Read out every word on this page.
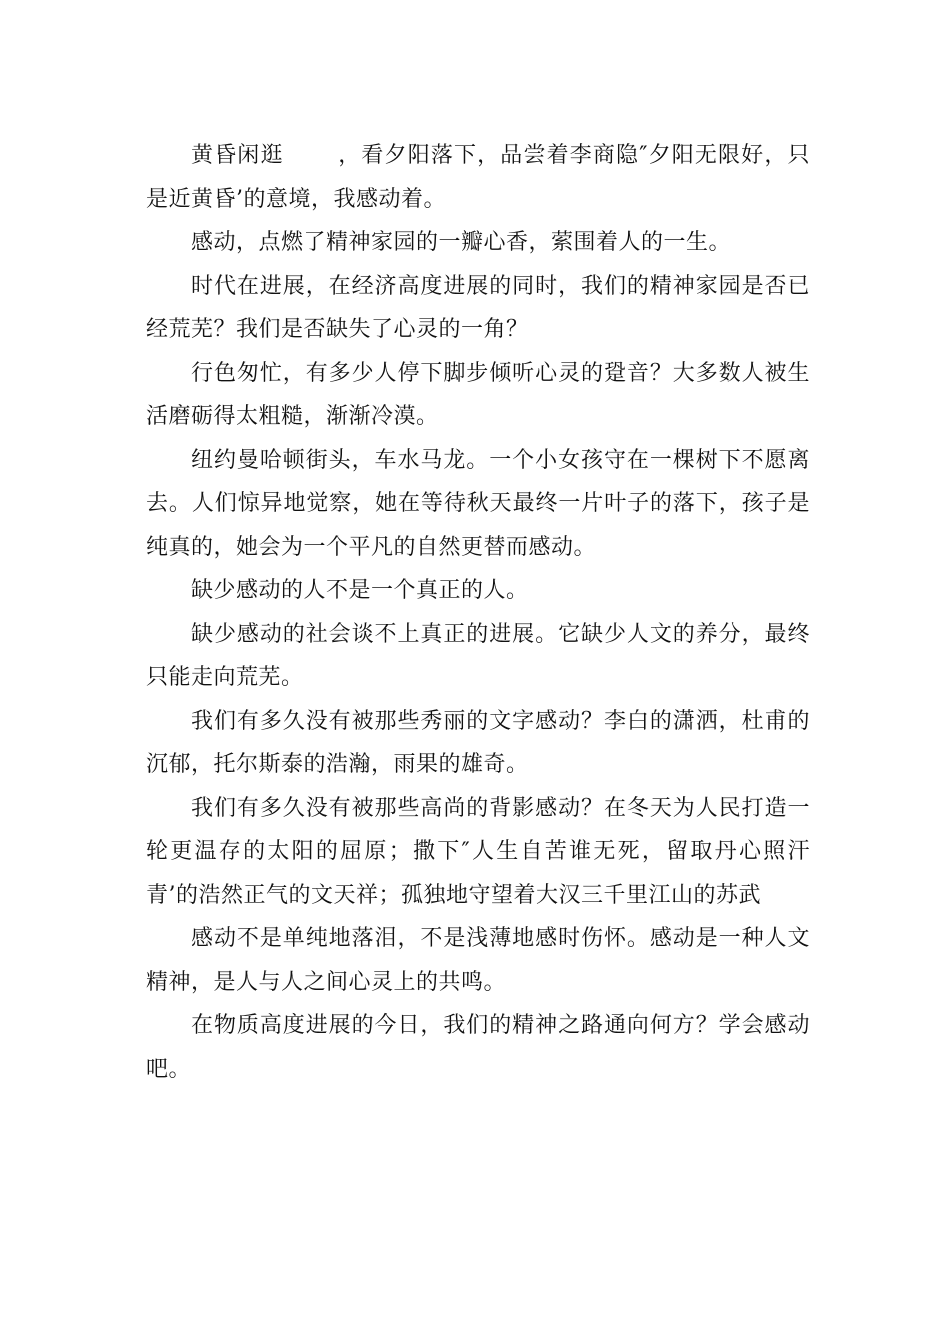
黄昏闲逛 ，看夕阳落下，品尝着李商隐″夕阳无限好，只是近黄昏’的意境，我感动着。

感动，点燃了精神家园的一瓣心香，萦围着人的一生。

时代在进展，在经济高度进展的同时，我们的精神家园是否已经荒芜？我们是否缺失了心灵的一角？

行色匆忙，有多少人停下脚步倾听心灵的跫音？大多数人被生活磨砺得太粗糙，渐渐冷漠。

纽约曼哈顿街头，车水马龙。一个小女孩守在一棵树下不愿离去。人们惊异地觉察，她在等待秋天最终一片叶子的落下，孩子是纯真的，她会为一个平凡的自然更替而感动。

缺少感动的人不是一个真正的人。

缺少感动的社会谈不上真正的进展。它缺少人文的养分，最终只能走向荒芜。

我们有多久没有被那些秀丽的文字感动？李白的潇洒，杜甫的沉郁，托尔斯泰的浩瀚，雨果的雄奇。

我们有多久没有被那些高尚的背影感动？在冬天为人民打造一轮更温存的太阳的屈原；撒下″人生自苦谁无死，留取丹心照汗青’的浩然正气的文天祥；孤独地守望着大汉三千里江山的苏武

感动不是单纯地落泪，不是浅薄地感时伤怀。感动是一种人文精神，是人与人之间心灵上的共鸣。

在物质高度进展的今日，我们的精神之路通向何方？学会感动吧。
